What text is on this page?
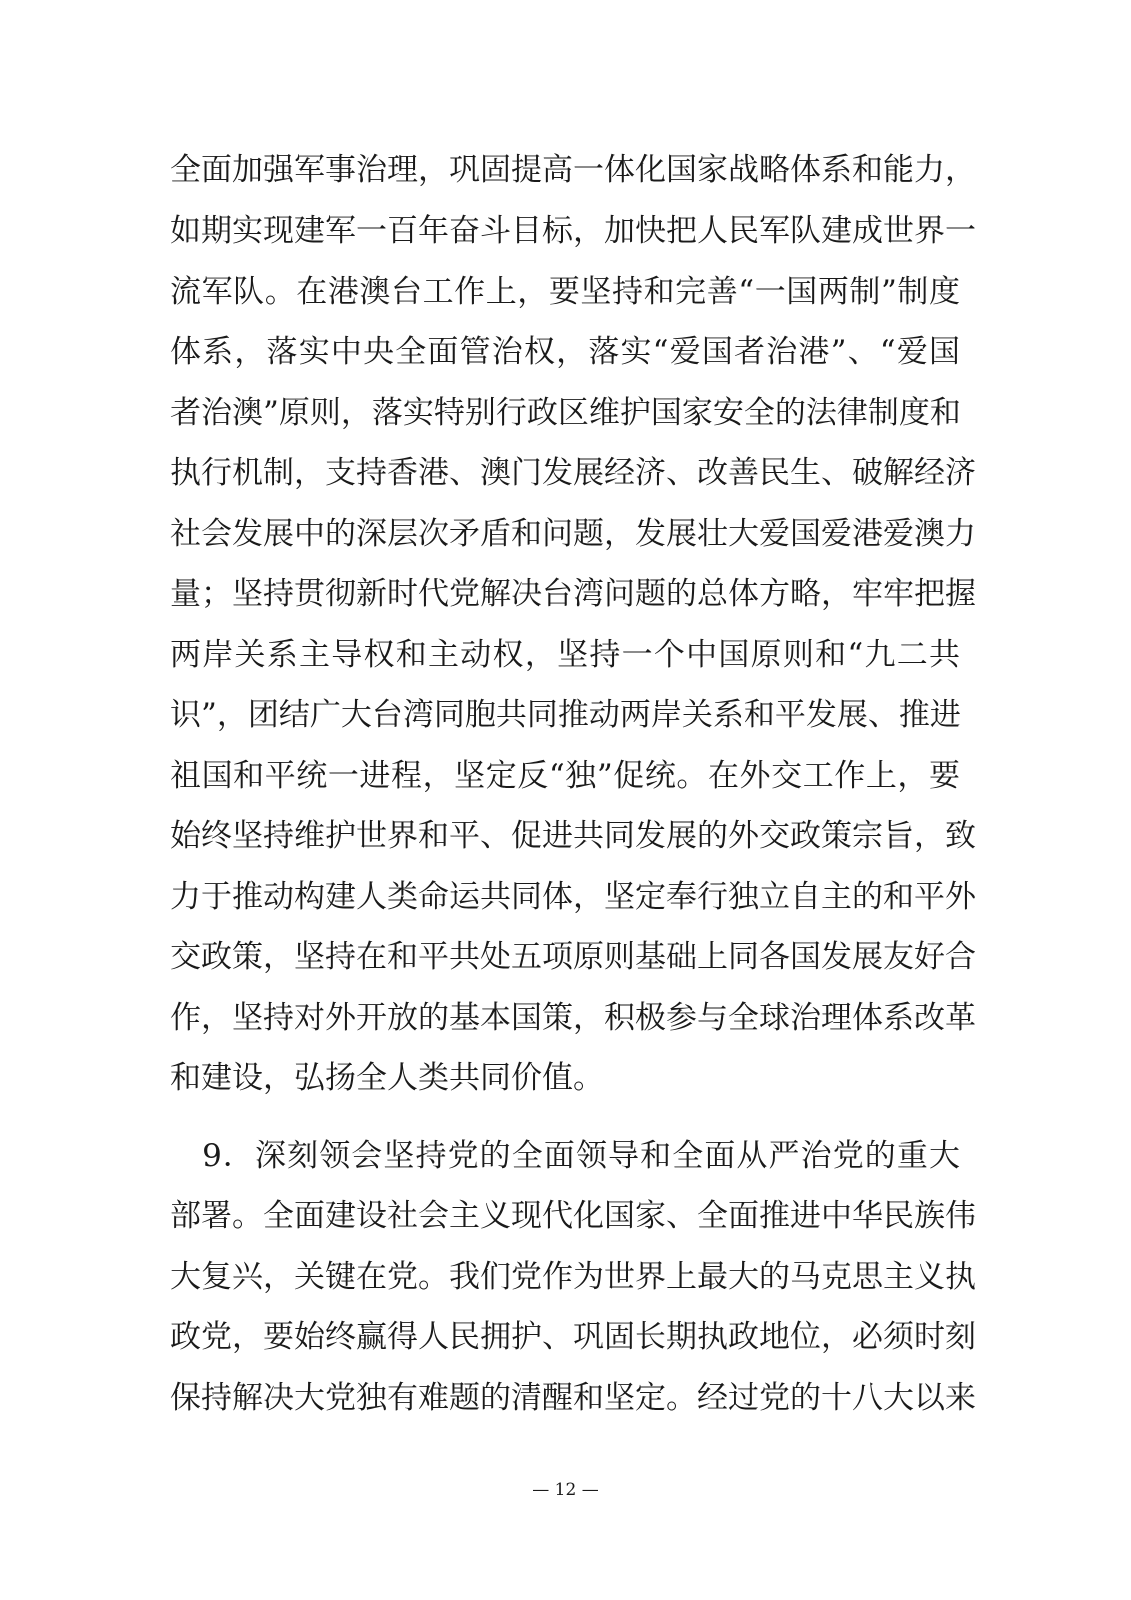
全面加强军事治理，巩固提高一体化国家战略体系和能力，
如期实现建军一百年奋斗目标，加快把人民军队建成世界一
流军队。在港澳台工作上，要坚持和完善“一国两制”制度
体系，落实中央全面管治权，落实“爱国者治港”、“爱国
者治澳”原则，落实特别行政区维护国家安全的法律制度和
执行机制，支持香港、澳门发展经济、改善民生、破解经济
社会发展中的深层次矛盾和问题，发展壮大爱国爱港爱澳力
量；坚持贯彻新时代党解决台湾问题的总体方略，牢牢把握
两岸关系主导权和主动权，坚持一个中国原则和“九二共
识”，团结广大台湾同胞共同推动两岸关系和平发展、推进
祖国和平统一进程，坚定反“独”促统。在外交工作上，要
始终坚持维护世界和平、促进共同发展的外交政策宗旨，致
力于推动构建人类命运共同体，坚定奉行独立自主的和平外
交政策，坚持在和平共处五项原则基础上同各国发展友好合
作，坚持对外开放的基本国策，积极参与全球治理体系改革
和建设，弘扬全人类共同价值。
　9．深刻领会坚持党的全面领导和全面从严治党的重大
部署。全面建设社会主义现代化国家、全面推进中华民族伟
大复兴，关键在党。我们党作为世界上最大的马克思主义执
政党，要始终赢得人民拥护、巩固长期执政地位，必须时刻
保持解决大党独有难题的清醒和坚定。经过党的十八大以来
— 12 —
